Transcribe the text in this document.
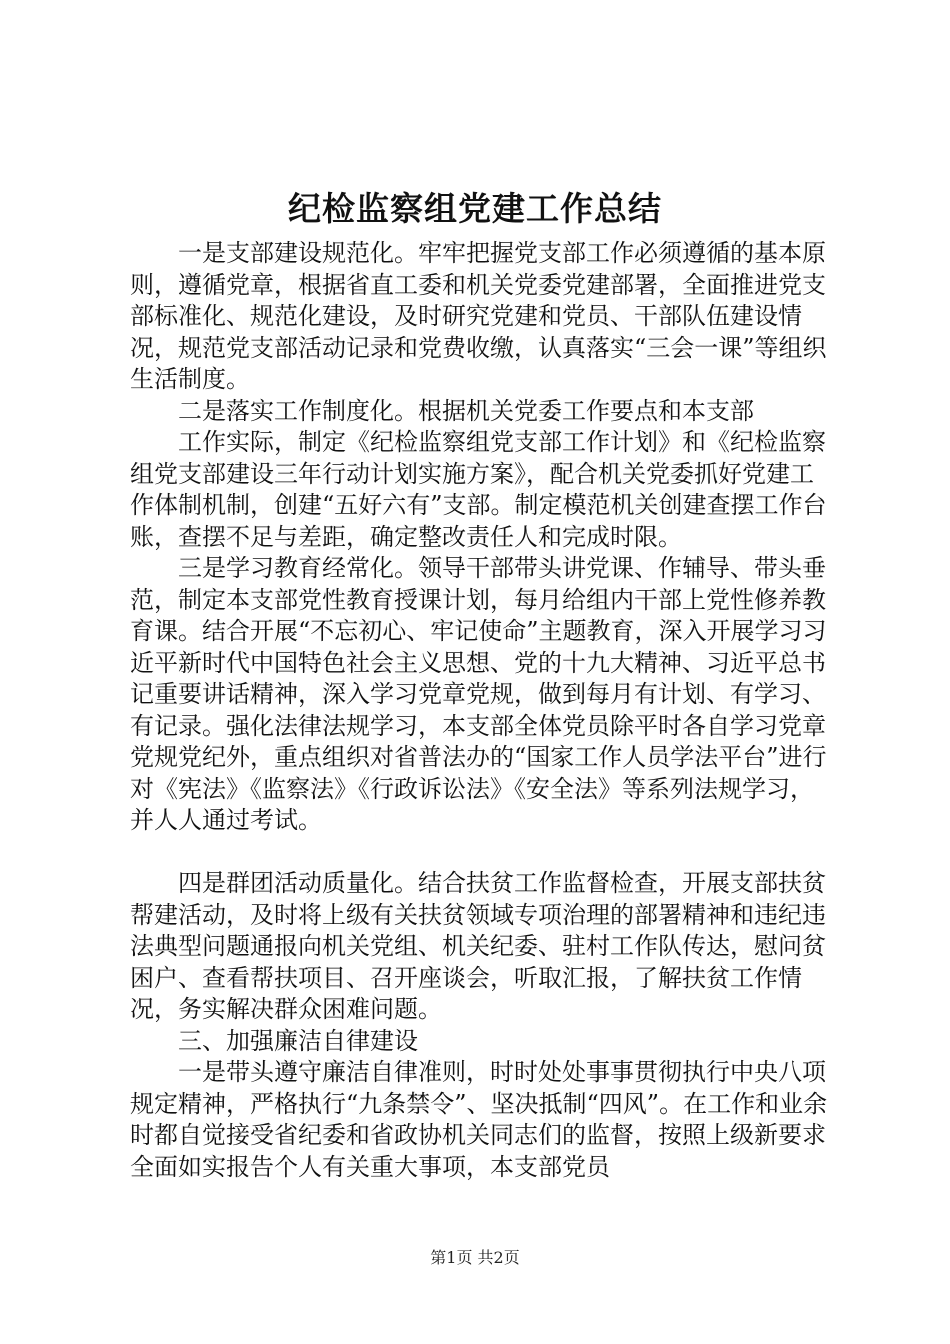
纪检监察组党建工作总结

一是支部建设规范化。牢牢把握党支部工作必须遵循的基本原则，遵循党章，根据省直工委和机关党委党建部署，全面推进党支部标准化、规范化建设，及时研究党建和党员、干部队伍建设情况，规范党支部活动记录和党费收缴，认真落实“三会一课”等组织生活制度。

二是落实工作制度化。根据机关党委工作要点和本支部

工作实际，制定《纪检监察组党支部工作计划》和《纪检监察组党支部建设三年行动计划实施方案》，配合机关党委抓好党建工作体制机制，创建“五好六有”支部。制定模范机关创建查摆工作台账，查摆不足与差距，确定整改责任人和完成时限。

三是学习教育经常化。领导干部带头讲党课、作辅导、带头垂范，制定本支部党性教育授课计划，每月给组内干部上党性修养教育课。结合开展“不忘初心、牢记使命”主题教育，深入开展学习习近平新时代中国特色社会主义思想、党的十九大精神、习近平总书记重要讲话精神，深入学习党章党规，做到每月有计划、有学习、有记录。强化法律法规学习，本支部全体党员除平时各自学习党章党规党纪外，重点组织对省普法办的“国家工作人员学法平台”进行对《宪法》《监察法》《行政诉讼法》《安全法》等系列法规学习，并人人通过考试。

四是群团活动质量化。结合扶贫工作监督检查，开展支部扶贫帮建活动，及时将上级有关扶贫领域专项治理的部署精神和违纪违法典型问题通报向机关党组、机关纪委、驻村工作队传达，慰问贫困户、查看帮扶项目、召开座谈会，听取汇报，了解扶贫工作情况，务实解决群众困难问题。

三、加强廉洁自律建设

一是带头遵守廉洁自律准则，时时处处事事贯彻执行中央八项规定精神，严格执行“九条禁令”、坚决抵制“四风”。在工作和业余时都自觉接受省纪委和省政协机关同志们的监督，按照上级新要求全面如实报告个人有关重大事项，本支部党员

第1页 共2页
